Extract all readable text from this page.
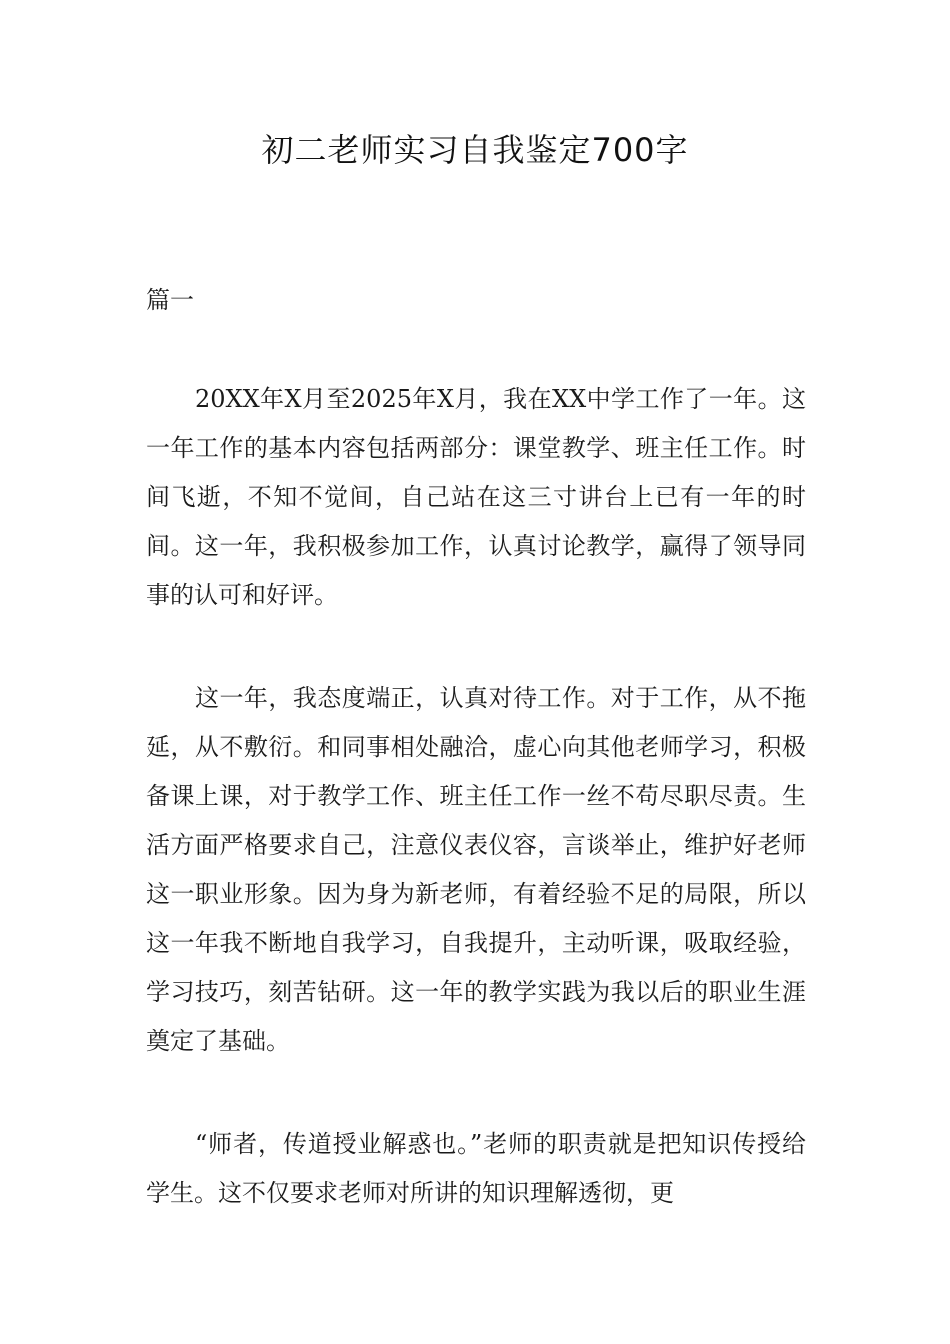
初二老师实习自我鉴定700字

篇一

20XX年X月至2025年X月，我在XX中学工作了一年。这一年工作的基本内容包括两部分：课堂教学、班主任工作。时间飞逝，不知不觉间，自己站在这三寸讲台上已有一年的时间。这一年，我积极参加工作，认真讨论教学，赢得了领导同事的认可和好评。

这一年，我态度端正，认真对待工作。对于工作，从不拖延，从不敷衍。和同事相处融洽，虚心向其他老师学习，积极备课上课，对于教学工作、班主任工作一丝不苟尽职尽责。生活方面严格要求自己，注意仪表仪容，言谈举止，维护好老师这一职业形象。因为身为新老师，有着经验不足的局限，所以这一年我不断地自我学习，自我提升，主动听课，吸取经验，学习技巧，刻苦钻研。这一年的教学实践为我以后的职业生涯奠定了基础。

“师者，传道授业解惑也。”老师的职责就是把知识传授给学生。这不仅要求老师对所讲的知识理解透彻，更
